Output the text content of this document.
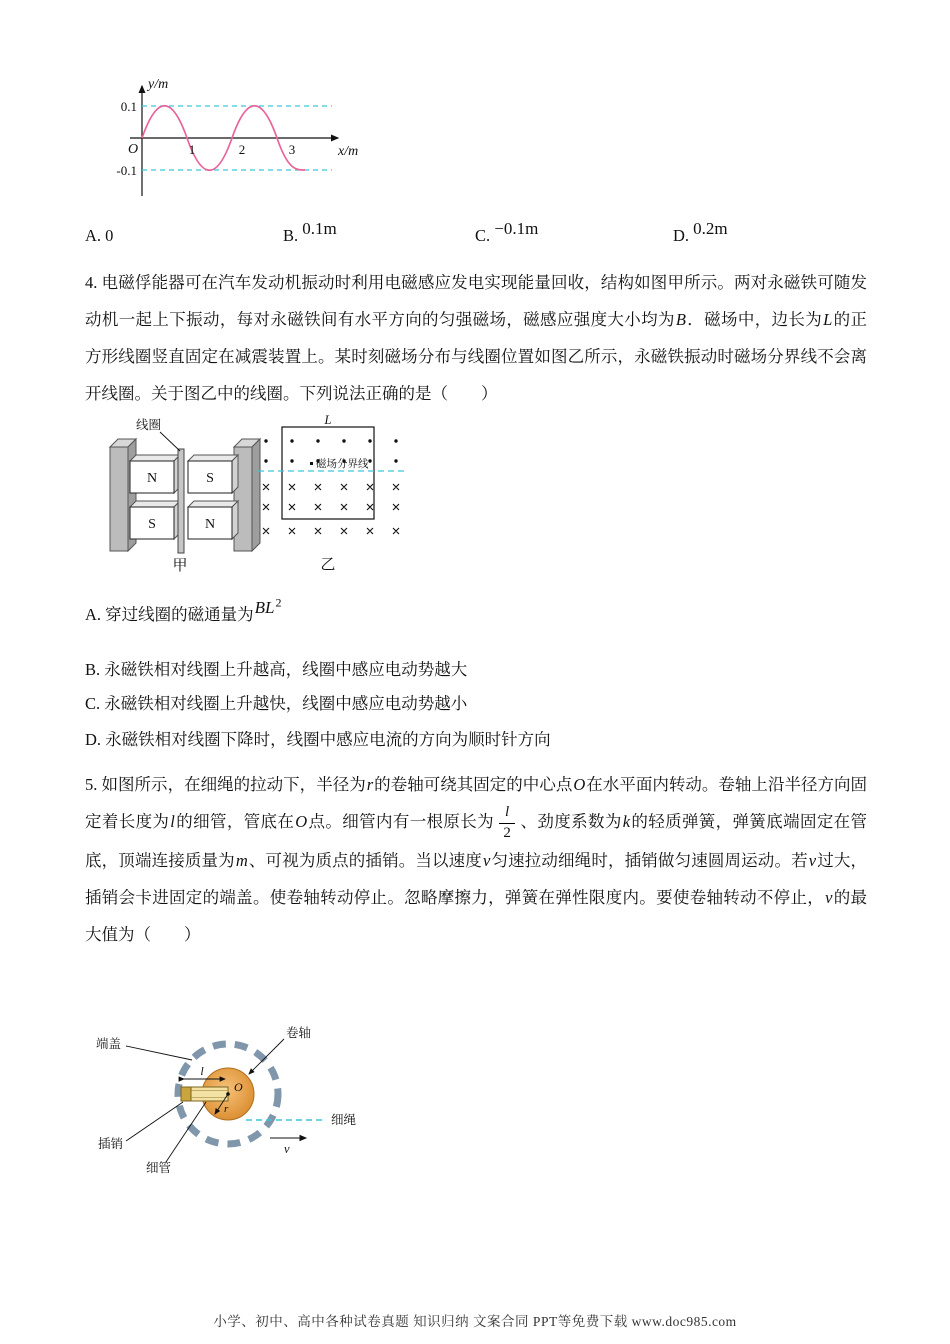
y/m
x/m
O
0.1
-0.1
1	2	3
A. 0	B. 0.1m	C. −0.1m	D. 0.2m
4. 电磁俘能器可在汽车发动机振动时利用电磁感应发电实现能量回收，结构如图甲所示。两对永磁铁可随发动机一起上下振动，每对永磁铁间有水平方向的匀强磁场，磁感应强度大小均为B．磁场中，边长为L的正方形线圈竖直固定在减震装置上。某时刻磁场分布与线圈位置如图乙所示，永磁铁振动时磁场分界线不会离开线圈。关于图乙中的线圈。下列说法正确的是（　　）
N	S
S	N
线圈
甲
L
磁场分界线
乙
A. 穿过线圈的磁通量为$BL^2$
B. 永磁铁相对线圈上升越高，线圈中感应电动势越大
C. 永磁铁相对线圈上升越快，线圈中感应电动势越小
D. 永磁铁相对线圈下降时，线圈中感应电流的方向为顺时针方向
5. 如图所示，在细绳的拉动下，半径为r的卷轴可绕其固定的中心点O在水平面内转动。卷轴上沿半径方向固定着长度为l的细管，管底在O点。细管内有一根原长为 $\frac{l}{2}$ 、劲度系数为k的轻质弹簧，弹簧底端固定在管底，顶端连接质量为m、可视为质点的插销。当以速度v匀速拉动细绳时，插销做匀速圆周运动。若v过大，插销会卡进固定的端盖。使卷轴转动停止。忽略摩擦力，弹簧在弹性限度内。要使卷轴转动不停止，v的最大值为（　　）
l
O
r
细绳
v
端盖
卷轴
插销
细管
小学、初中、高中各种试卷真题 知识归纳 文案合同 PPT等免费下载 www.doc985.com
